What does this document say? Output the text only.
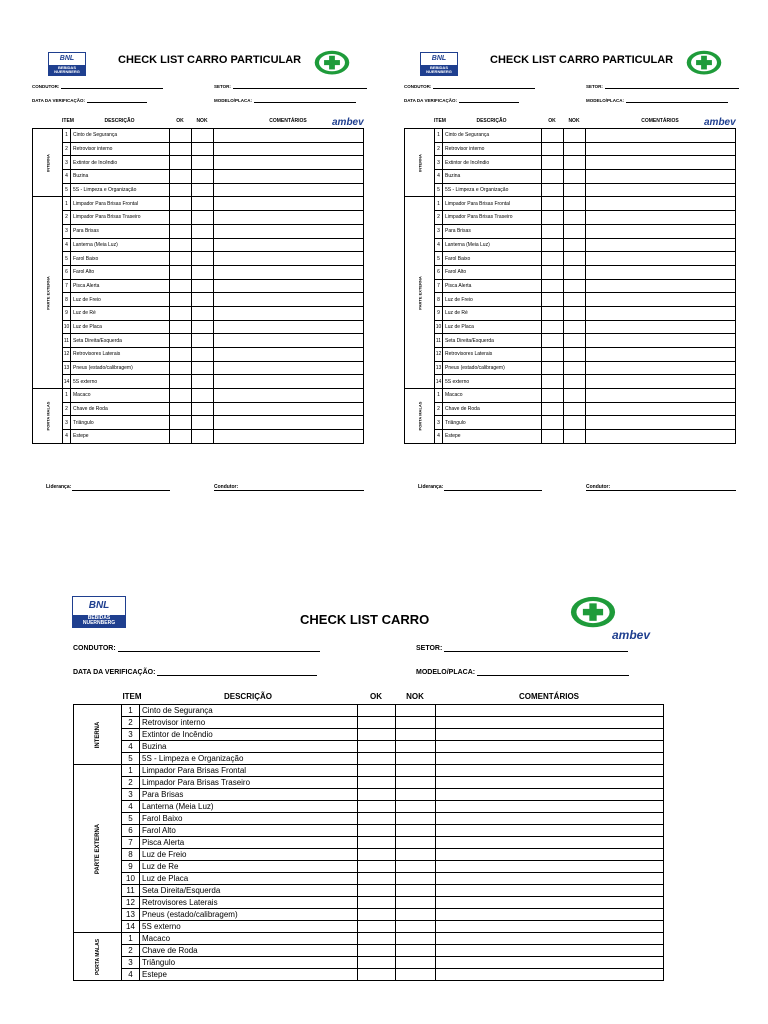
BNL
BEBIDAS NUERNBERG
CHECK LIST CARRO PARTICULAR
ambev
CONDUTOR:	SETOR:
DATA DA VERIFICAÇÃO:	MODELO/PLACA:
ITEM	DESCRIÇÃO	OK	NOK	COMENTÁRIOS
INTERNA	1	Cinto de Segurança			
	2	Retrovisor interno			
	3	Extintor de Incêndio			
	4	Buzina			
	5	5S - Limpeza e Organização			

PARTE EXTERNA	1	Limpador Para Brisas Frontal			
	2	Limpador Para Brisas Traseiro			
	3	Para Brisas			
	4	Lanterna (Meia Luz)			
	5	Farol Baixo			
	6	Farol Alto			
	7	Pisca Alerta			
	8	Luz de Freio			
	9	Luz de Ré			
	10	Luz de Placa			
	11	Seta Direita/Esquerda			
	12	Retrovisores Laterais			
	13	Pneus (estado/calibragem)			
	14	5S externo			

PORTA MALAS	1	Macaco			
	2	Chave de Roda			
	3	Triângulo			
	4	Estepe			
Liderança:	Condutor:
BNL
BEBIDAS NUERNBERG
CHECK LIST CARRO PARTICULAR
ambev
CONDUTOR:	SETOR:
DATA DA VERIFICAÇÃO:	MODELO/PLACA:
ITEM	DESCRIÇÃO	OK	NOK	COMENTÁRIOS
INTERNA	1	Cinto de Segurança			
	2	Retrovisor interno			
	3	Extintor de Incêndio			
	4	Buzina			
	5	5S - Limpeza e Organização			

PARTE EXTERNA	1	Limpador Para Brisas Frontal			
	2	Limpador Para Brisas Traseiro			
	3	Para Brisas			
	4	Lanterna (Meia Luz)			
	5	Farol Baixo			
	6	Farol Alto			
	7	Pisca Alerta			
	8	Luz de Freio			
	9	Luz de Ré			
	10	Luz de Placa			
	11	Seta Direita/Esquerda			
	12	Retrovisores Laterais			
	13	Pneus (estado/calibragem)			
	14	5S externo			

PORTA MALAS	1	Macaco			
	2	Chave de Roda			
	3	Triângulo			
	4	Estepe			
Liderança:	Condutor:
BNL
BEBIDAS NUERNBERG	CHECK LIST CARRO
ambev
CONDUTOR:	SETOR:
DATA DA VERIFICAÇÃO:	MODELO/PLACA:
ITEM	DESCRIÇÃO	OK	NOK	COMENTÁRIOS
INTERNA	1	Cinto de Segurança			
	2	Retrovisor interno			
	3	Extintor de Incêndio			
	4	Buzina			
	5	5S - Limpeza e Organização			

PARTE EXTERNA	1	Limpador Para Brisas Frontal			
	2	Limpador Para Brisas Traseiro			
	3	Para Brisas			
	4	Lanterna (Meia Luz)			
	5	Farol Baixo			
	6	Farol Alto			
	7	Pisca Alerta			
	8	Luz de Freio			
	9	Luz de Re			
	10	Luz de Placa			
	11	Seta Direita/Esquerda			
	12	Retrovisores Laterais			
	13	Pneus (estado/calibragem)			
	14	5S externo			

PORTA MALAS	1	Macaco			
	2	Chave de Roda			
	3	Triângulo			
	4	Estepe			
